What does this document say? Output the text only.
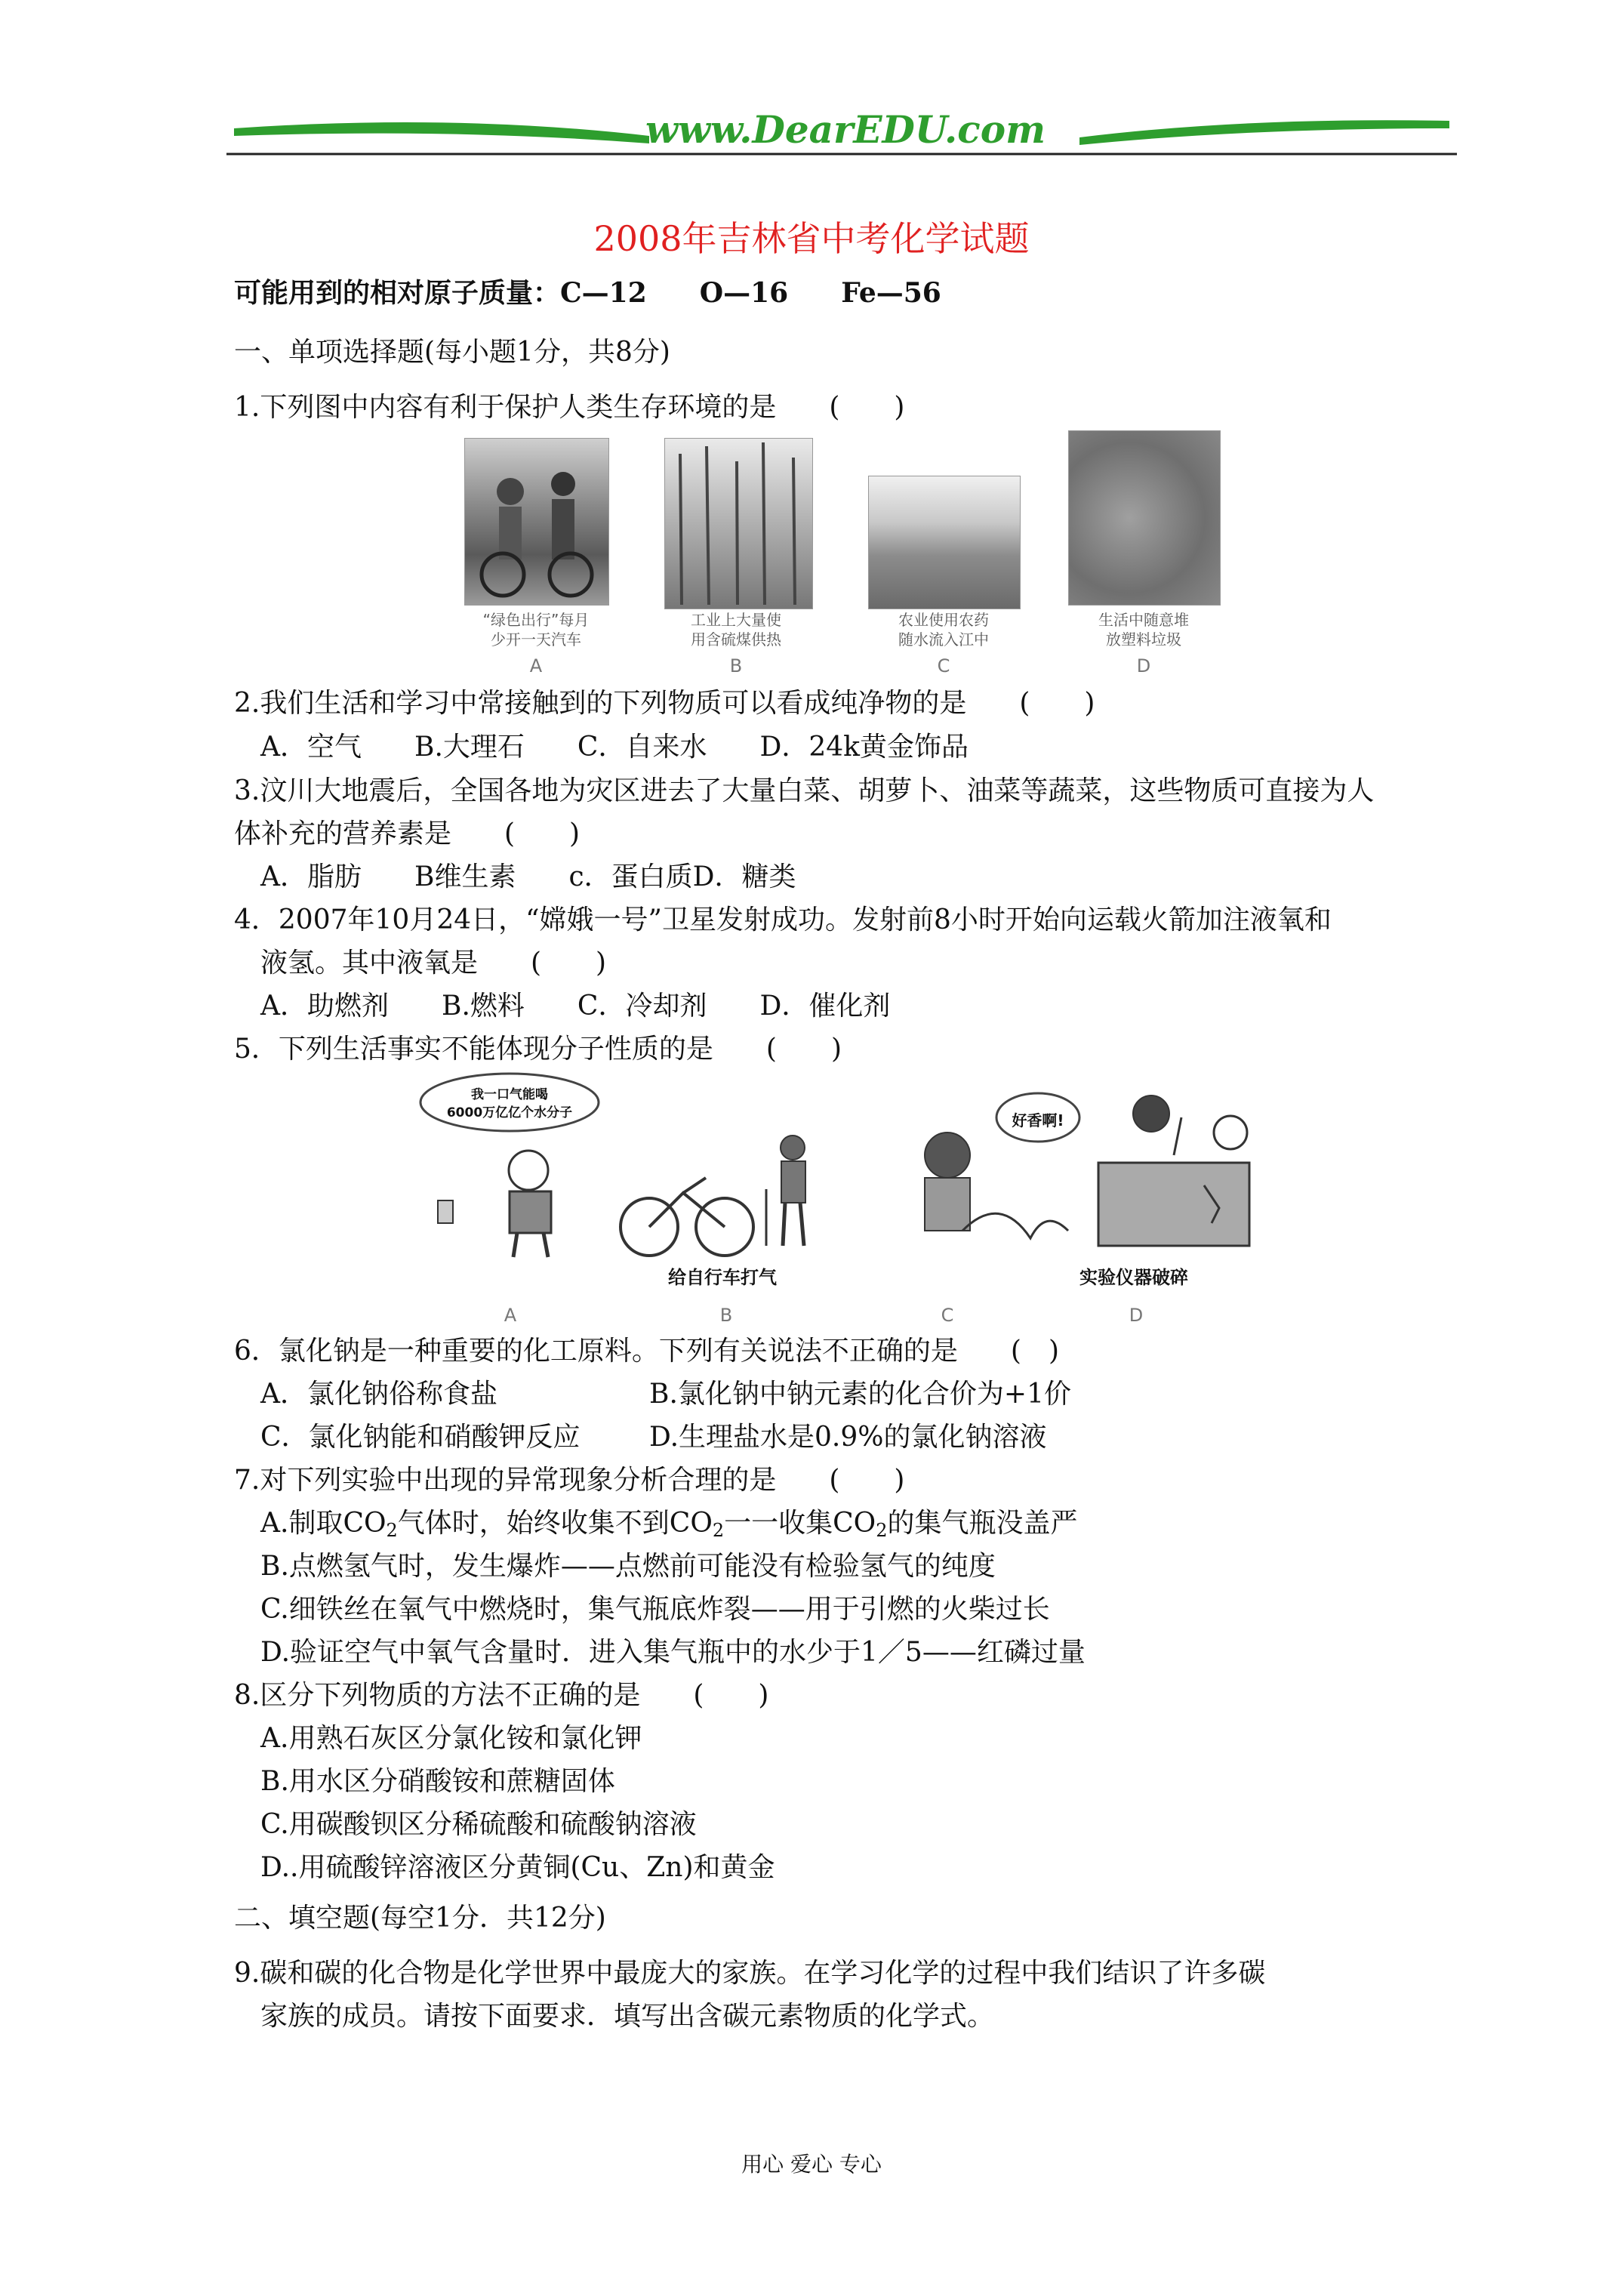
www.DearEDU.com
2008年吉林省中考化学试题
可能用到的相对原子质量：C—12 O—16 Fe—56
一、单项选择题(每小题1分，共8分)
1.下列图中内容有利于保护人类生存环境的是 (　　)
“绿色出行”每月
少开一天汽车
工业上大量使
用含硫煤供热
农业使用农药
随水流入江中
生活中随意堆
放塑料垃圾
A	B	C	D
2.我们生活和学习中常接触到的下列物质可以看成纯净物的是 (　　)
A．空气 B.大理石 C．自来水 D．24k黄金饰品
3.汶川大地震后，全国各地为灾区进去了大量白菜、胡萝卜、油菜等蔬菜，这些物质可直接为人
体补充的营养素是 (　　)
A．脂肪 B维生素 c．蛋白质D．糖类
4．2007年10月24日，“嫦娥一号”卫星发射成功。发射前8小时开始向运载火箭加注液氧和
液氢。其中液氧是 (　　)
A．助燃剂 B.燃料 C．冷却剂 D．催化剂
5．下列生活事实不能体现分子性质的是 (　　)
我一口气能喝
6000万亿亿个水分子
给自行车打气
好香啊!
实验仪器破碎
A	B	C	D
6．氯化钠是一种重要的化工原料。下列有关说法不正确的是 (　)
A．氯化钠俗称食盐	B.氯化钠中钠元素的化合价为+1价
C．氯化钠能和硝酸钾反应	D.生理盐水是0.9%的氯化钠溶液
7.对下列实验中出现的异常现象分析合理的是 (　　)
A.制取$CO_2$气体时，始终收集不到$CO_2$一一收集$CO_2$的集气瓶没盖严
B.点燃氢气时，发生爆炸——点燃前可能没有检验氢气的纯度
C.细铁丝在氧气中燃烧时，集气瓶底炸裂——用于引燃的火柴过长
D.验证空气中氧气含量时．进入集气瓶中的水少于1／5——红磷过量
8.区分下列物质的方法不正确的是 (　　)
A.用熟石灰区分氯化铵和氯化钾
B.用水区分硝酸铵和蔗糖固体
C.用碳酸钡区分稀硫酸和硫酸钠溶液
D..用硫酸锌溶液区分黄铜(Cu、Zn)和黄金
二、填空题(每空1分．共12分)
9.碳和碳的化合物是化学世界中最庞大的家族。在学习化学的过程中我们结识了许多碳
家族的成员。请按下面要求．填写出含碳元素物质的化学式。
用心 爱心 专心
